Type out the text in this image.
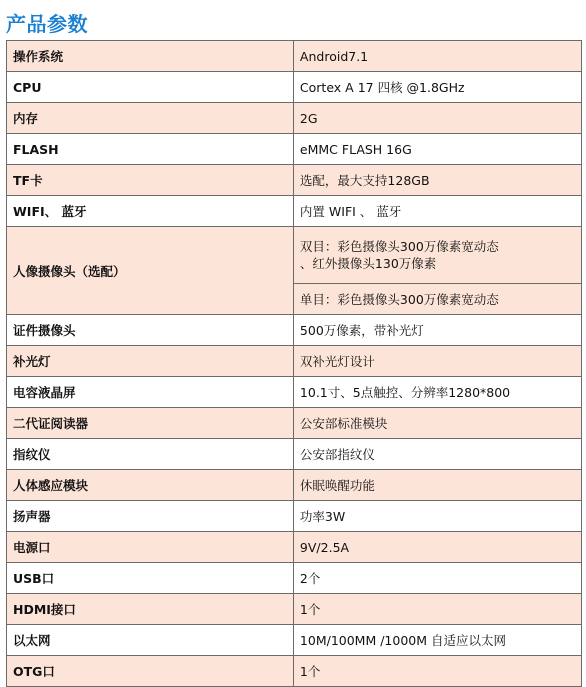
产品参数
操作系统	Android7.1
CPU	Cortex A 17 四核 @1.8GHz
内存	2G
FLASH	eMMC FLASH 16G
TF卡	选配，最大支持128GB
WIFI、 蓝牙	内置 WIFI 、 蓝牙
人像摄像头（选配）	双目：彩色摄像头300万像素宽动态
、红外摄像头130万像素
	单目：彩色摄像头300万像素宽动态
证件摄像头	500万像素，带补光灯
补光灯	双补光灯设计
电容液晶屏	10.1寸、5点触控、分辨率1280*800
二代证阅读器	公安部标准模块
指纹仪	公安部指纹仪
人体感应模块	休眠唤醒功能
扬声器	功率3W
电源口	9V/2.5A
USB口	2个
HDMI接口	1个
以太网	10M/100MM /1000M 自适应以太网
OTG口	1个
